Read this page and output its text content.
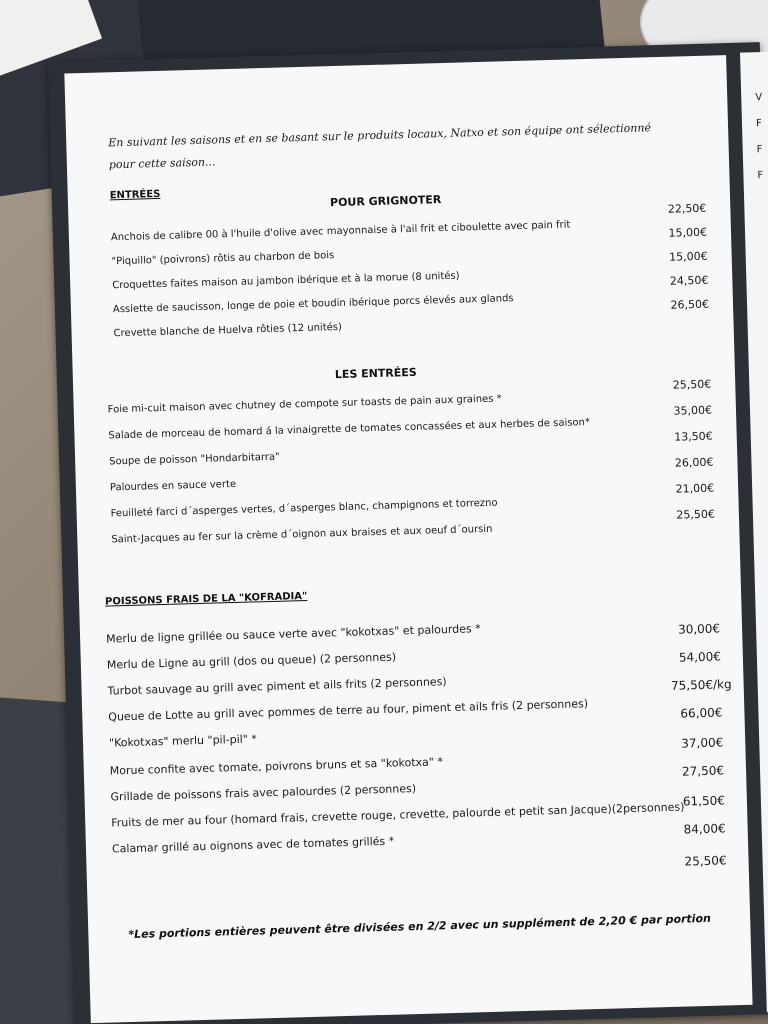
V
F
F
F
En suivant les saisons et en se basant sur le produits locaux, Natxo et son équipe ont sélectionné pour cette saison...
ENTRÉES	POUR GRIGNOTER
Anchois de calibre 00 à l'huile d'olive avec mayonnaise à l'ail frit et ciboulette avec pain frit
22,50€
"Piquillo" (poivrons) rôtis au charbon de bois
15,00€
Croquettes faites maison au jambon ibérique et à la morue (8 unités)
15,00€
Assiette de saucisson, longe de poie et boudin ibérique porcs élevés aux glands
24,50€
Crevette blanche de Huelva rôties (12 unités)
26,50€
LES ENTRÉES
Foie mi-cuit maison avec chutney de compote sur toasts de pain aux graines *
25,50€
Salade de morceau de homard á la vinaigrette de tomates concassées et aux herbes de saison*
35,00€
Soupe de poisson "Hondarbitarra"
13,50€
Palourdes en sauce verte
26,00€
Feuilleté farci d´asperges vertes, d´asperges blanc, champignons et torrezno
21,00€
Saint-Jacques au fer sur la crème d´oignon aux braises et aux oeuf d´oursin
25,50€
POISSONS FRAIS DE LA "KOFRADIA"
Merlu de ligne grillée ou sauce verte avec "kokotxas" et palourdes *	30,00€
Merlu de Ligne au grill (dos ou queue) (2 personnes)	54,00€
Turbot sauvage au grill avec piment et ails frits (2 personnes)	75,50€/kg
Queue de Lotte au grill avec pommes de terre au four, piment et ails fris (2 personnes)	66,00€
"Kokotxas" merlu "pil-pil" *	37,00€
Morue confite avec tomate, poivrons bruns et sa "kokotxa" *	27,50€
Grillade de poissons frais avec palourdes (2 personnes)	61,50€
Fruits de mer au four (homard frais, crevette rouge, crevette, palourde et petit san Jacque)(2personnes)
84,00€
Calamar grillé au oignons avec de tomates grillés *
25,50€
*Les portions entières peuvent être divisées en 2/2 avec un supplément de 2,20 € par portion
